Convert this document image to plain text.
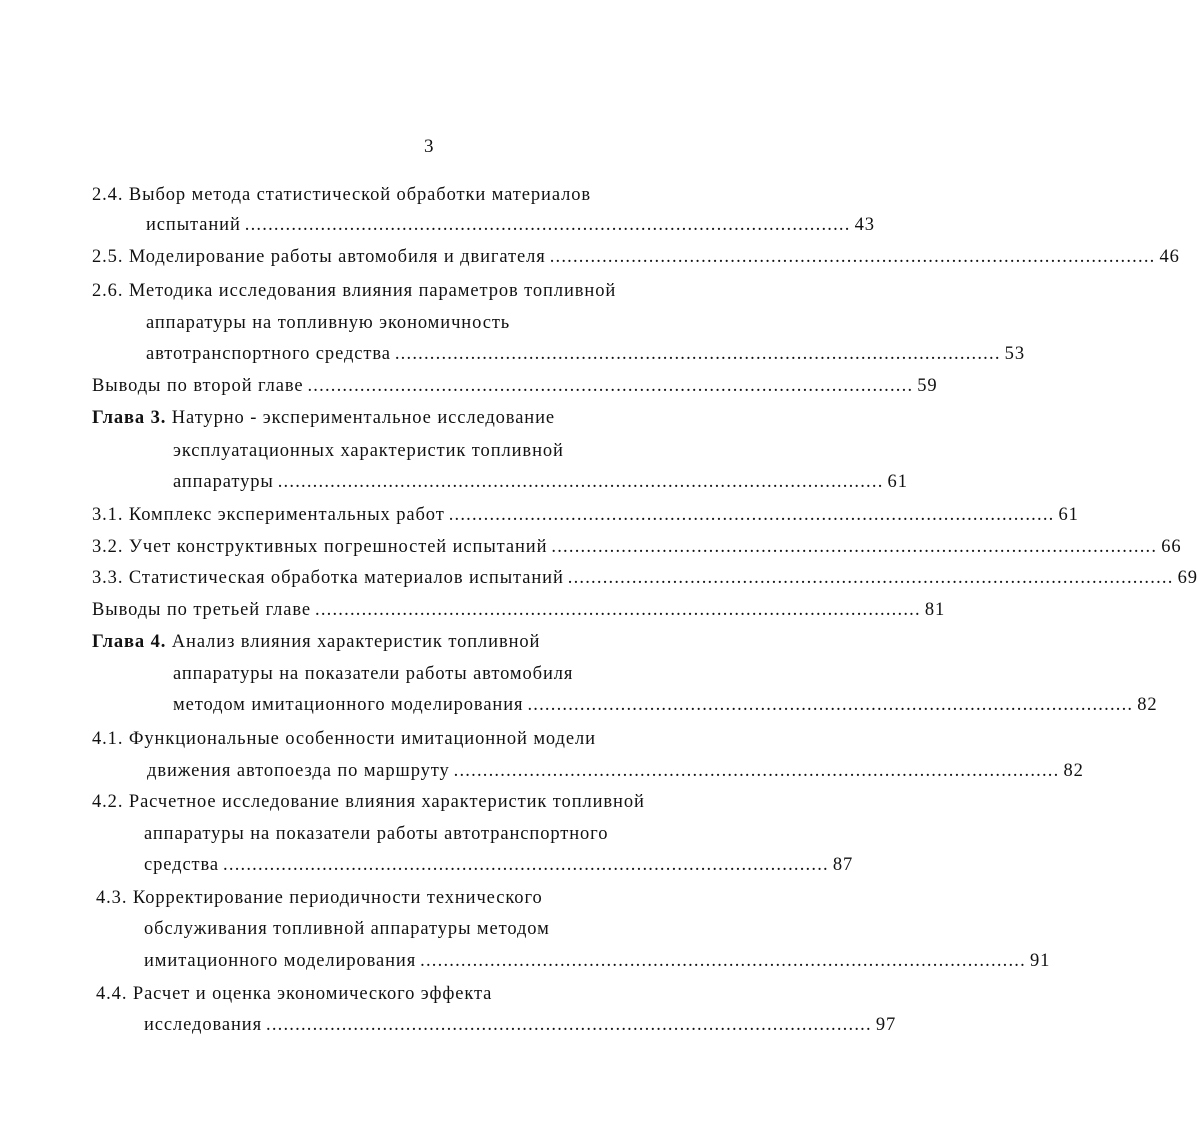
3
2.4. Выбор метода статистической обработки материалов
испытаний ........................................................................................................ 43
2.5. Моделирование работы автомобиля и двигателя ........................................................................................................ 46
2.6. Методика исследования влияния параметров топливной
аппаратуры на топливную экономичность
автотранспортного средства ........................................................................................................ 53
Выводы по второй главе ........................................................................................................ 59
Глава 3. Натурно - экспериментальное исследование
эксплуатационных характеристик топливной
аппаратуры ........................................................................................................ 61
3.1. Комплекс экспериментальных работ ........................................................................................................ 61
3.2. Учет конструктивных погрешностей испытаний ........................................................................................................ 66
3.3. Статистическая обработка материалов испытаний ........................................................................................................ 69
Выводы по третьей главе ........................................................................................................ 81
Глава 4. Анализ влияния характеристик топливной
аппаратуры на показатели работы автомобиля
методом имитационного моделирования ........................................................................................................ 82
4.1. Функциональные особенности имитационной модели
движения автопоезда по маршруту ........................................................................................................ 82
4.2. Расчетное исследование влияния характеристик топливной
аппаратуры на показатели работы автотранспортного
средства ........................................................................................................ 87
4.3. Корректирование периодичности технического
обслуживания топливной аппаратуры методом
имитационного моделирования ........................................................................................................ 91
4.4. Расчет и оценка экономического эффекта
исследования ........................................................................................................ 97
